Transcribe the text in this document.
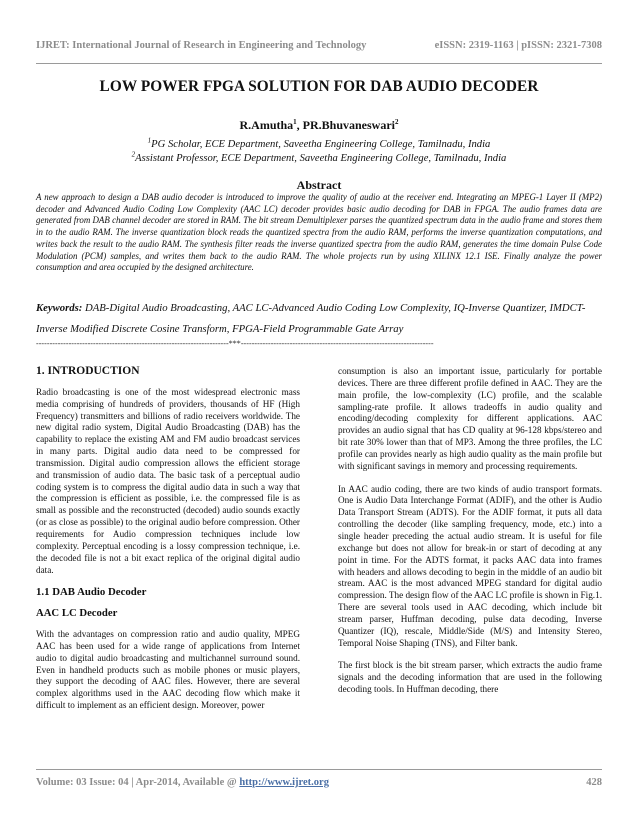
IJRET: International Journal of Research in Engineering and Technology	eISSN: 2319-1163 | pISSN: 2321-7308
LOW POWER FPGA SOLUTION FOR DAB AUDIO DECODER
R.Amutha$^1$, PR.Bhuvaneswari$^2$
$^1$PG Scholar, ECE Department, Saveetha Engineering College, Tamilnadu, India
$^2$Assistant Professor, ECE Department, Saveetha Engineering College, Tamilnadu, India
Abstract
A new approach to design a DAB audio decoder is introduced to improve the quality of audio at the receiver end. Integrating an MPEG-1 Layer II (MP2) decoder and Advanced Audio Coding Low Complexity (AAC LC) decoder provides basic audio decoding for DAB in FPGA. The audio frames data are generated from DAB channel decoder are stored in RAM. The bit stream Demultiplexer parses the quantized spectrum data in the audio frame and stores them in to the audio RAM. The inverse quantization block reads the quantized spectra from the audio RAM, performs the inverse quantization computations, and writes back the result to the audio RAM. The synthesis filter reads the inverse quantized spectra from the audio RAM, generates the time domain Pulse Code Modulation (PCM) samples, and writes them back to the audio RAM. The whole projects run by using XILINX 12.1 ISE. Finally analyze the power consumption and area occupied by the designed architecture.
Keywords: DAB-Digital Audio Broadcasting, AAC LC-Advanced Audio Coding Low Complexity, IQ-Inverse Quantizer, IMDCT-Inverse Modified Discrete Cosine Transform, FPGA-Field Programmable Gate Array
-----------------------------------------------------------------------***-----------------------------------------------------------------------
1. INTRODUCTION

Radio broadcasting is one of the most widespread electronic mass media comprising of hundreds of providers, thousands of HF (High Frequency) transmitters and billions of radio receivers worldwide. The new digital radio system, Digital Audio Broadcasting (DAB) has the capability to replace the existing AM and FM audio broadcast services in many parts. Digital audio data need to be compressed for transmission. Digital audio compression allows the efficient storage and transmission of audio data. The basic task of a perceptual audio coding system is to compress the digital audio data in such a way that the compression is efficient as possible, i.e. the compressed file is as small as possible and the reconstructed (decoded) audio sounds exactly (or as close as possible) to the original audio before compression. Other requirements for Audio compression techniques include low complexity. Perceptual encoding is a lossy compression technique, i.e. the decoded file is not a bit exact replica of the original digital audio data.

1.1 DAB Audio Decoder
AAC LC Decoder

With the advantages on compression ratio and audio quality, MPEG AAC has been used for a wide range of applications from Internet audio to digital audio broadcasting and multichannel surround sound. Even in handheld products such as mobile phones or music players, they support the decoding of AAC files. However, there are several complex algorithms used in the AAC decoding flow which make it difficult to implement as an efficient design. Moreover, power

consumption is also an important issue, particularly for portable devices. There are three different profile defined in AAC. They are the main profile, the low-complexity (LC) profile, and the scalable sampling-rate profile. It allows tradeoffs in audio quality and encoding/decoding complexity for different applications. AAC provides an audio signal that has CD quality at 96-128 kbps/stereo and bit rate 30% lower than that of MP3. Among the three profiles, the LC profile can provides nearly as high audio quality as the main profile but with significant savings in memory and processing requirements.

In AAC audio coding, there are two kinds of audio transport formats. One is Audio Data Interchange Format (ADIF), and the other is Audio Data Transport Stream (ADTS). For the ADIF format, it puts all data controlling the decoder (like sampling frequency, mode, etc.) into a single header preceding the actual audio stream. It is useful for file exchange but does not allow for break-in or start of decoding at any point in time. For the ADTS format, it packs AAC data into frames with headers and allows decoding to begin in the middle of an audio bit stream. AAC is the most advanced MPEG standard for digital audio compression. The design flow of the AAC LC profile is shown in Fig.1. There are several tools used in AAC decoding, which include bit stream parser, Huffman decoding, pulse data decoding, Inverse Quantizer (IQ), rescale, Middle/Side (M/S) and Intensity Stereo, Temporal Noise Shaping (TNS), and Filter bank.

The first block is the bit stream parser, which extracts the audio frame signals and the decoding information that are used in the following decoding tools. In Huffman decoding, there

Volume: 03 Issue: 04 | Apr-2014, Available @ http://www.ijret.org	428
